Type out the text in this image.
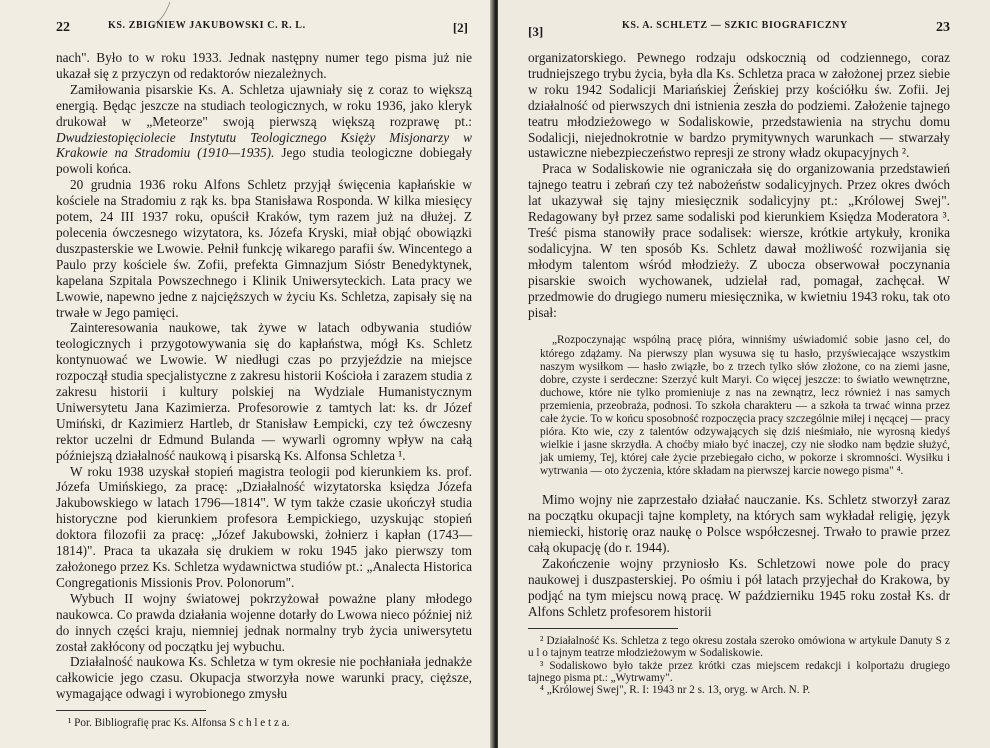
22	KS. ZBIGNIEW JAKUBOWSKI C. R. L.	[2]

nach". Było to w roku 1933. Jednak następny numer tego pisma już nie ukazał się z przyczyn od redaktorów niezależnych.

Zamiłowania pisarskie Ks. A. Schletza ujawniały się z coraz to większą energią. Będąc jeszcze na studiach teologicznych, w roku 1936, jako kleryk drukował w „Meteorze" swoją pierwszą większą rozprawę pt.: Dwudziestopięciolecie Instytutu Teologicznego Księży Misjonarzy w Krakowie na Stradomiu (1910—1935). Jego studia teologiczne dobiegały powoli końca.

20 grudnia 1936 roku Alfons Schletz przyjął święcenia kapłańskie w kościele na Stradomiu z rąk ks. bpa Stanisława Rosponda. W kilka miesięcy potem, 24 III 1937 roku, opuścił Kraków, tym razem już na dłużej. Z polecenia ówczesnego wizytatora, ks. Józefa Kryski, miał objąć obowiązki duszpasterskie we Lwowie. Pełnił funkcję wikarego parafii św. Wincentego a Paulo przy kościele św. Zofii, prefekta Gimnazjum Sióstr Benedyktynek, kapelana Szpitala Powszechnego i Klinik Uniwersyteckich. Lata pracy we Lwowie, napewno jedne z najcięższych w życiu Ks. Schletza, zapisały się na trwałe w Jego pamięci.

Zainteresowania naukowe, tak żywe w latach odbywania studiów teologicznych i przygotowywania się do kapłaństwa, mógł Ks. Schletz kontynuować we Lwowie. W niedługi czas po przyjeździe na miejsce rozpoczął studia specjalistyczne z zakresu historii Kościoła i zarazem studia z zakresu historii i kultury polskiej na Wydziale Humanistycznym Uniwersytetu Jana Kazimierza. Profesorowie z tamtych lat: ks. dr Józef Umiński, dr Kazimierz Hartleb, dr Stanisław Łempicki, czy też ówczesny rektor uczelni dr Edmund Bulanda — wywarli ogromny wpływ na całą późniejszą działalność naukową i pisarską Ks. Alfonsa Schletza ¹.

W roku 1938 uzyskał stopień magistra teologii pod kierunkiem ks. prof. Józefa Umińskiego, za pracę: „Działalność wizytatorska księdza Józefa Jakubowskiego w latach 1796—1814". W tym także czasie ukończył studia historyczne pod kierunkiem profesora Łempickiego, uzyskując stopień doktora filozofii za pracę: „Józef Jakubowski, żołnierz i kapłan (1743—1814)". Praca ta ukazała się drukiem w roku 1945 jako pierwszy tom założonego przez Ks. Schletza wydawnictwa studiów pt.: „Analecta Historica Congregationis Missionis Prov. Polonorum".

Wybuch II wojny światowej pokrzyżował poważne plany młodego naukowca. Co prawda działania wojenne dotarły do Lwowa nieco później niż do innych części kraju, niemniej jednak normalny tryb życia uniwersytetu został zakłócony od początku jej wybuchu.

Działalność naukowa Ks. Schletza w tym okresie nie pochłaniała jednakże całkowicie jego czasu. Okupacja stworzyła nowe warunki pracy, cięższe, wymagające odwagi i wyrobionego zmysłu

¹ Por. Bibliografię prac Ks. Alfonsa S c h l e t z a.

[3]	KS. A. SCHLETZ — SZKIC BIOGRAFICZNY	23

organizatorskiego. Pewnego rodzaju odskocznią od codziennego, coraz trudniejszego trybu życia, była dla Ks. Schletza praca w założonej przez siebie w roku 1942 Sodalicji Mariańskiej Żeńskiej przy kościółku św. Zofii. Jej działalność od pierwszych dni istnienia zeszła do podziemi. Założenie tajnego teatru młodzieżowego w Sodaliskowie, przedstawienia na strychu domu Sodalicji, niejednokrotnie w bardzo prymitywnych warunkach — stwarzały ustawiczne niebezpieczeństwo represji ze strony władz okupacyjnych ².

Praca w Sodaliskowie nie ograniczała się do organizowania przedstawień tajnego teatru i zebrań czy też nabożeństw sodalicyjnych. Przez okres dwóch lat ukazywał się tajny miesięcznik sodalicyjny pt.: „Królowej Swej". Redagowany był przez same sodaliski pod kierunkiem Księdza Moderatora ³. Treść pisma stanowiły prace sodalisek: wiersze, krótkie artykuły, kronika sodalicyjna. W ten sposób Ks. Schletz dawał możliwość rozwijania się młodym talentom wśród młodzieży. Z ubocza obserwował poczynania pisarskie swoich wychowanek, udzielał rad, pomagał, zachęcał. W przedmowie do drugiego numeru miesięcznika, w kwietniu 1943 roku, tak oto pisał:

„Rozpoczynając wspólną pracę pióra, winniśmy uświadomić sobie jasno cel, do którego zdążamy. Na pierwszy plan wysuwa się tu hasło, przyświecające wszystkim naszym wysiłkom — hasło związłe, bo z trzech tylko słów złożone, co na ziemi jasne, dobre, czyste i serdeczne: Szerzyć kult Maryi. Co więcej jeszcze: to światło wewnętrzne, duchowe, które nie tylko promieniuje z nas na zewnątrz, lecz również i nas samych przemienia, przeobraża, podnosi. To szkoła charakteru — a szkoła ta trwać winna przez całe życie. To w końcu sposobność rozpoczęcia pracy szczególnie miłej i nęcącej — pracy pióra. Kto wie, czy z talentów odzywających się dziś nieśmiało, nie wyrosną kiedyś wielkie i jasne skrzydła. A choćby miało być inaczej, czy nie słodko nam będzie służyć, jak umiemy, Tej, której całe życie przebiegało cicho, w pokorze i skromności. Wysiłku i wytrwania — oto życzenia, które składam na pierwszej karcie nowego pisma" ⁴.

Mimo wojny nie zaprzestało działać nauczanie. Ks. Schletz stworzył zaraz na początku okupacji tajne komplety, na których sam wykładał religię, język niemiecki, historię oraz naukę o Polsce współczesnej. Trwało to prawie przez całą okupację (do r. 1944).

Zakończenie wojny przyniosło Ks. Schletzowi nowe pole do pracy naukowej i duszpasterskiej. Po ośmiu i pół latach przyjechał do Krakowa, by podjąć na tym miejscu nową pracę. W październiku 1945 roku został Ks. dr Alfons Schletz profesorem historii

² Działalność Ks. Schletza z tego okresu została szeroko omówiona w artykule Danuty S z u l o tajnym teatrze młodzieżowym w Sodaliskowie.

³ Sodaliskowo było także przez krótki czas miejscem redakcji i kolportażu drugiego tajnego pisma pt.: „Wytrwamy".

⁴ „Królowej Swej", R. I: 1943 nr 2 s. 13, oryg. w Arch. N. P.
